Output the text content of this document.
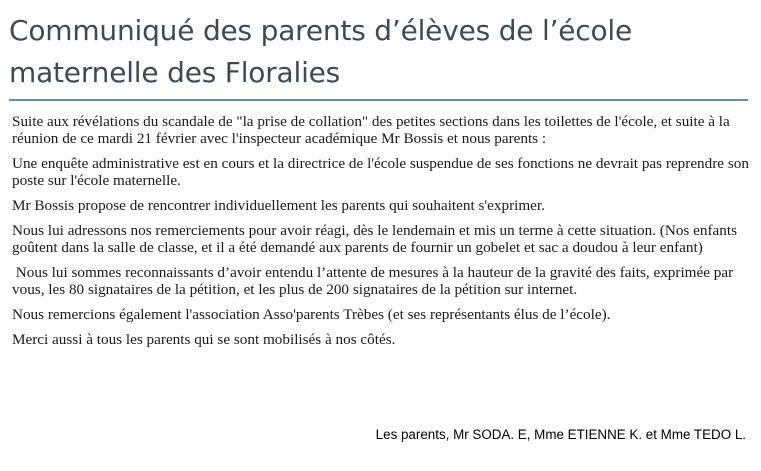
Communiqué des parents d’élèves de l’école maternelle des Floralies

Suite aux révélations du scandale de "la prise de collation" des petites sections dans les toilettes de l'école, et suite à la réunion de ce mardi 21 février avec l'inspecteur académique Mr Bossis et nous parents :

Une enquête administrative est en cours et la directrice de l'école suspendue de ses fonctions ne devrait pas reprendre son poste sur l'école maternelle.

Mr Bossis propose de rencontrer individuellement les parents qui souhaitent s'exprimer.

Nous lui adressons nos remerciements pour avoir réagi, dès le lendemain et mis un terme à cette situation. (Nos enfants goûtent dans la salle de classe, et il a été demandé aux parents de fournir un gobelet et sac a doudou à leur enfant)

Nous lui sommes reconnaissants d’avoir entendu l’attente de mesures à la hauteur de la gravité des faits, exprimée par vous, les 80 signataires de la pétition, et les plus de 200 signataires de la pétition sur internet.

Nous remercions également l'association Asso'parents Trèbes (et ses représentants élus de l’école).

Merci aussi à tous les parents qui se sont mobilisés à nos côtés.

Les parents, Mr SODA. E, Mme ETIENNE K. et Mme TEDO L.
